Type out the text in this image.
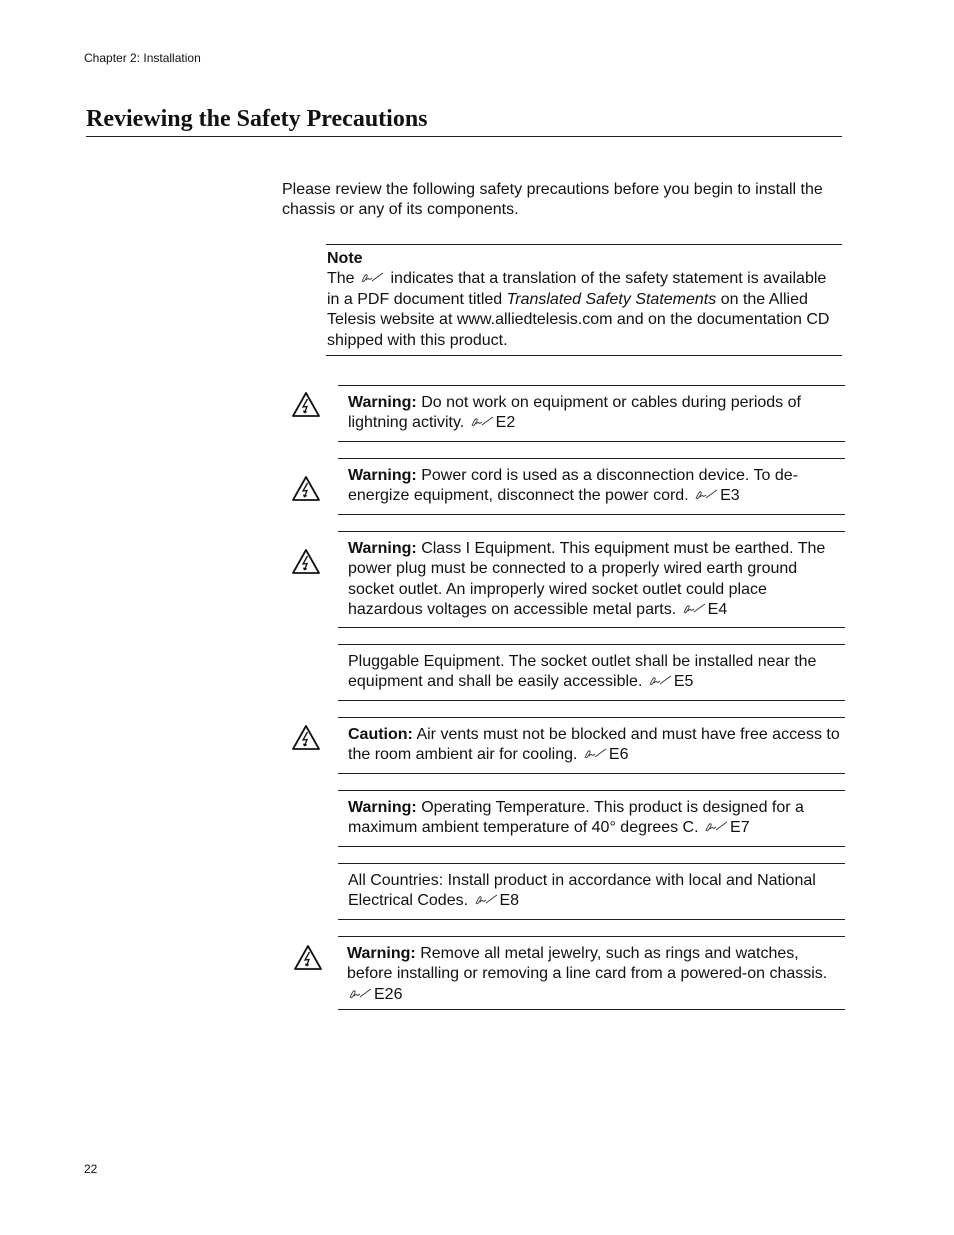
Chapter 2: Installation
Reviewing the Safety Precautions

Please review the following safety precautions before you begin to install the chassis or any of its components.

Note
The indicates that a translation of the safety statement is available in a PDF document titled Translated Safety Statements on the Allied Telesis website at www.alliedtelesis.com and on the documentation CD shipped with this product.
Warning: Do not work on equipment or cables during periods of lightning activity. E2
Warning: Power cord is used as a disconnection device. To de-energize equipment, disconnect the power cord. E3
Warning: Class I Equipment. This equipment must be earthed. The power plug must be connected to a properly wired earth ground socket outlet. An improperly wired socket outlet could place hazardous voltages on accessible metal parts. E4
Pluggable Equipment. The socket outlet shall be installed near the equipment and shall be easily accessible. E5
Caution: Air vents must not be blocked and must have free access to the room ambient air for cooling. E6
Warning: Operating Temperature. This product is designed for a maximum ambient temperature of 40° degrees C. E7
All Countries: Install product in accordance with local and National Electrical Codes. E8
Warning: Remove all metal jewelry, such as rings and watches, before installing or removing a line card from a powered-on chassis.
E26
22
